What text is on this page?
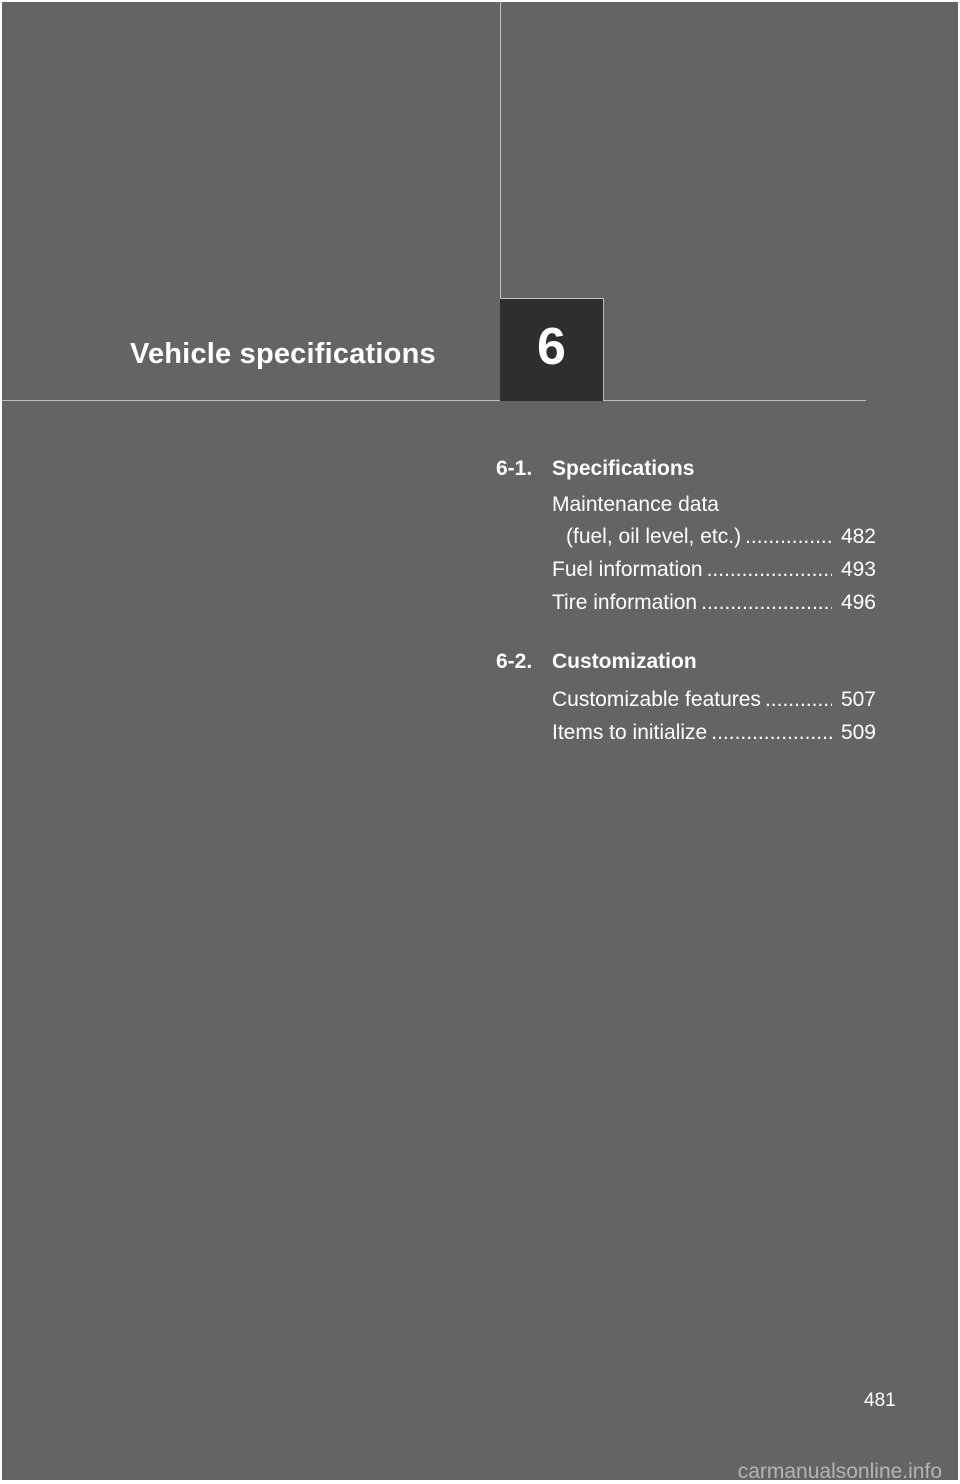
Vehicle specifications 6
6-1. Specifications
Maintenance data
(fuel, oil level, etc.) .....	482
Fuel information .....	493
Tire information .....	496
6-2. Customization
Customizable features .....	507
Items to initialize .....	509
481
carmanualsonline.info
